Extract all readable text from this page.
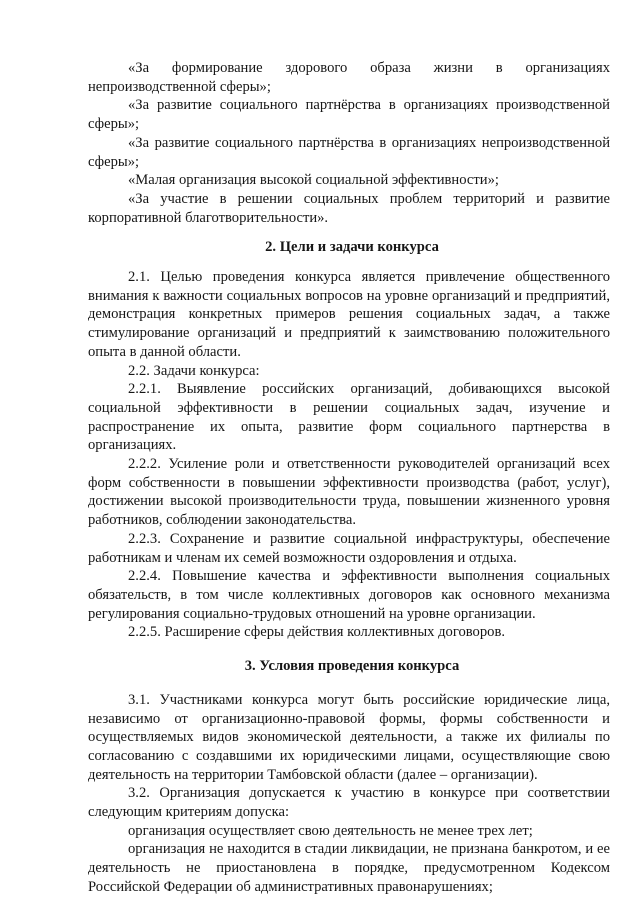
«За формирование здорового образа жизни в организациях непроизводственной сферы»;

«За развитие социального партнёрства в организациях производственной сферы»;

«За развитие социального партнёрства в организациях непроизводственной сферы»;

«Малая организация высокой социальной эффективности»;

«За участие в решении социальных проблем территорий и развитие корпоративной благотворительности».

2. Цели и задачи конкурса

2.1. Целью проведения конкурса является привлечение общественного внимания к важности социальных вопросов на уровне организаций и предприятий, демонстрация конкретных примеров решения социальных задач, а также стимулирование организаций и предприятий к заимствованию положительного опыта в данной области.

2.2. Задачи конкурса:

2.2.1. Выявление российских организаций, добивающихся высокой социальной эффективности в решении социальных задач, изучение и распространение их опыта, развитие форм социального партнерства в организациях.

2.2.2. Усиление роли и ответственности руководителей организаций всех форм собственности в повышении эффективности производства (работ, услуг), достижении высокой производительности труда, повышении жизненного уровня работников, соблюдении законодательства.

2.2.3. Сохранение и развитие социальной инфраструктуры, обеспечение работникам и членам их семей возможности оздоровления и отдыха.

2.2.4. Повышение качества и эффективности выполнения социальных обязательств, в том числе коллективных договоров как основного механизма регулирования социально-трудовых отношений на уровне организации.

2.2.5. Расширение сферы действия коллективных договоров.

3. Условия проведения конкурса

3.1. Участниками конкурса могут быть российские юридические лица, независимо от организационно-правовой формы, формы собственности и осуществляемых видов экономической деятельности, а также их филиалы по согласованию с создавшими их юридическими лицами, осуществляющие свою деятельность на территории Тамбовской области (далее – организации).

3.2. Организация допускается к участию в конкурсе при соответствии следующим критериям допуска:

организация осуществляет свою деятельность не менее трех лет;

организация не находится в стадии ликвидации, не признана банкротом, и ее деятельность не приостановлена в порядке, предусмотренном Кодексом Российской Федерации об административных правонарушениях;
